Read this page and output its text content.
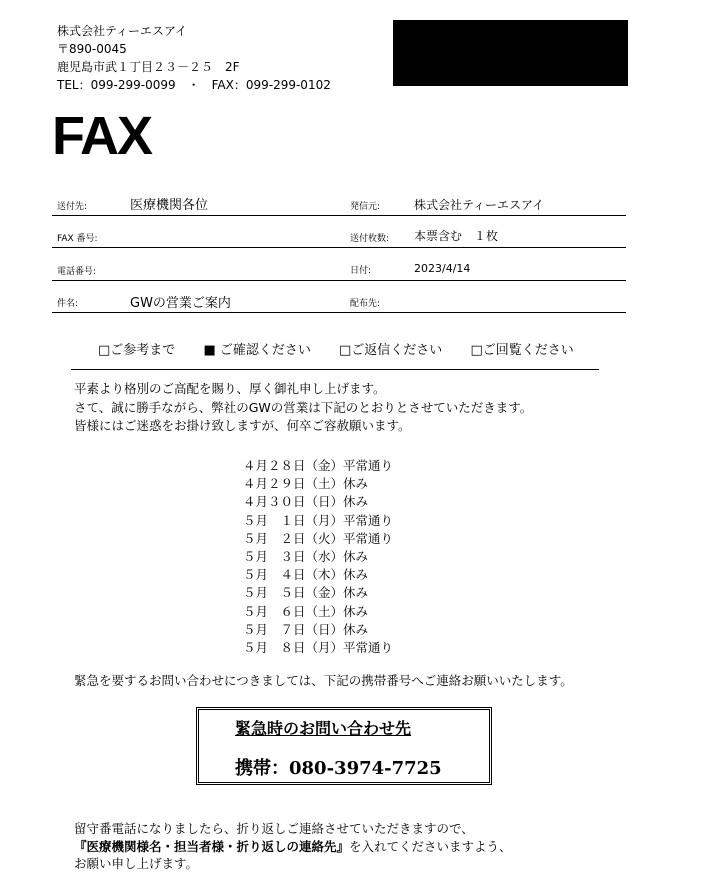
株式会社ティーエスアイ
〒890-0045
鹿児島市武１丁目２３－２５　2F
TEL：099-299-0099　・　FAX：099-299-0102
FAX
送付先:	医療機関各位	発信元:	株式会社ティーエスアイ
FAX 番号:	送付枚数: 本票含む　１枚
電話番号:	日付:	2023/4/14
件名:	GWの営業ご案内	配布先:
□ご参考まで ■ ご確認ください □ご返信ください □ご回覧ください
平素より格別のご高配を賜り、厚く御礼申し上げます。
さて、誠に勝手ながら、弊社のGWの営業は下記のとおりとさせていただきます。
皆様にはご迷惑をお掛け致しますが、何卒ご容赦願います。
４月２８日（金）平常通り
４月２９日（土）休み
４月３０日（日）休み
５月　１日（月）平常通り
５月　２日（火）平常通り
５月　３日（水）休み
５月　４日（木）休み
５月　５日（金）休み
５月　６日（土）休み
５月　７日（日）休み
５月　８日（月）平常通り
緊急を要するお問い合わせにつきましては、下記の携帯番号へご連絡お願いいたします。
緊急時のお問い合わせ先
携帯：080-3974-7725
留守番電話になりましたら、折り返しご連絡させていただきますので、
『医療機関様名・担当者様・折り返しの連絡先』を入れてくださいますよう、
お願い申し上げます。
